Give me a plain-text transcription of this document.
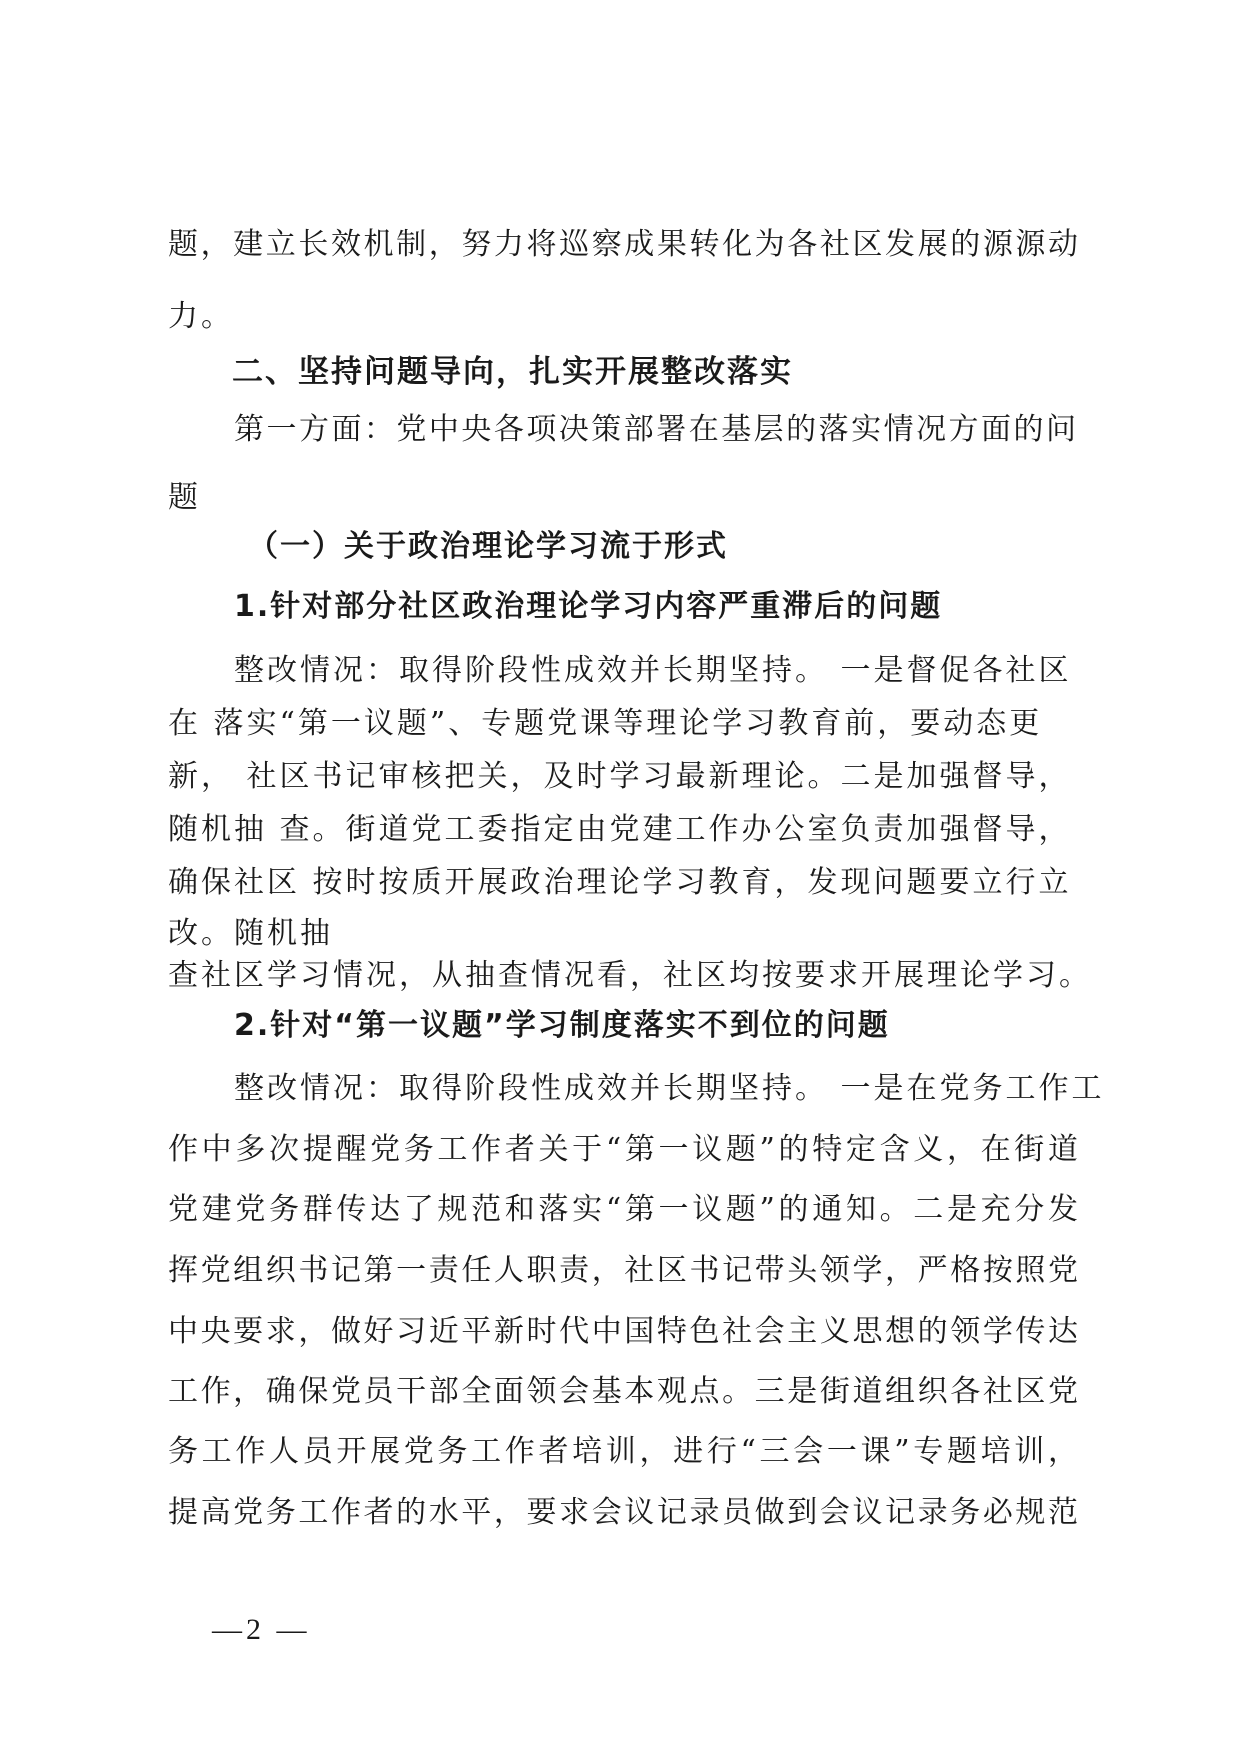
题，建立长效机制，努力将巡察成果转化为各社区发展的源源动
力。
二、坚持问题导向，扎实开展整改落实
第一方面：党中央各项决策部署在基层的落实情况方面的问
题
（一）关于政治理论学习流于形式
1.针对部分社区政治理论学习内容严重滞后的问题
整改情况：取得阶段性成效并长期坚持。 一是督促各社区
在 落实“第一议题”、专题党课等理论学习教育前，要动态更
新， 社区书记审核把关，及时学习最新理论。二是加强督导，
随机抽 查。街道党工委指定由党建工作办公室负责加强督导，
确保社区 按时按质开展政治理论学习教育，发现问题要立行立
改。随机抽
查社区学习情况，从抽查情况看，社区均按要求开展理论学习。
2.针对“第一议题”学习制度落实不到位的问题
整改情况：取得阶段性成效并长期坚持。 一是在党务工作工
作中多次提醒党务工作者关于“第一议题”的特定含义，在街道
党建党务群传达了规范和落实“第一议题”的通知。二是充分发
挥党组织书记第一责任人职责，社区书记带头领学，严格按照党
中央要求，做好习近平新时代中国特色社会主义思想的领学传达
工作，确保党员干部全面领会基本观点。三是街道组织各社区党
务工作人员开展党务工作者培训，进行“三会一课”专题培训，
提高党务工作者的水平，要求会议记录员做到会议记录务必规范
—2 —
